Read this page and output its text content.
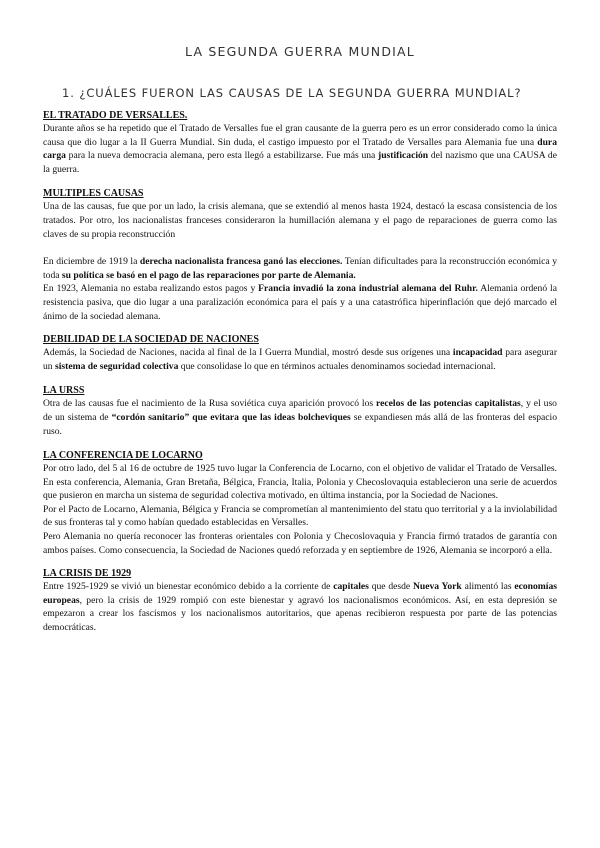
LA SEGUNDA GUERRA MUNDIAL
1. ¿CUÁLES FUERON LAS CAUSAS DE LA SEGUNDA GUERRA MUNDIAL?
EL TRATADO DE VERSALLES.

Durante años se ha repetido que el Tratado de Versalles fue el gran causante de la guerra pero es un error considerado como la única causa que dio lugar a la II Guerra Mundial. Sin duda, el castigo impuesto por el Tratado de Versalles para Alemania fue una dura carga para la nueva democracia alemana, pero esta llegó a estabilizarse. Fue más una justificación del nazismo que una CAUSA de la guerra.

MULTIPLES CAUSAS

Una de las causas, fue que por un lado, la crisis alemana, que se extendió al menos hasta 1924, destacó la escasa consistencia de los tratados. Por otro, los nacionalistas franceses consideraron la humillación alemana y el pago de reparaciones de guerra como las claves de su propia reconstrucción

En diciembre de 1919 la derecha nacionalista francesa ganó las elecciones. Tenían dificultades para la reconstrucción económica y toda su política se basó en el pago de las reparaciones por parte de Alemania.

En 1923, Alemania no estaba realizando estos pagos y Francia invadió la zona industrial alemana del Ruhr. Alemania ordenó la resistencia pasiva, que dio lugar a una paralización económica para el país y a una catastrófica hiperinflación que dejó marcado el ánimo de la sociedad alemana.

DEBILIDAD DE LA SOCIEDAD DE NACIONES

Además, la Sociedad de Naciones, nacida al final de la I Guerra Mundial, mostró desde sus orígenes una incapacidad para asegurar un sistema de seguridad colectiva que consolidase lo que en términos actuales denominamos sociedad internacional.

LA URSS

Otra de las causas fue el nacimiento de la Rusa soviética cuya aparición provocó los recelos de las potencias capitalistas, y el uso de un sistema de “cordón sanitario” que evitara que las ideas bolcheviques se expandiesen más allá de las fronteras del espacio ruso.

LA CONFERENCIA DE LOCARNO

Por otro lado, del 5 al 16 de octubre de 1925 tuvo lugar la Conferencia de Locarno, con el objetivo de validar el Tratado de Versalles. En esta conferencia, Alemania, Gran Bretaña, Bélgica, Francia, Italia, Polonia y Checoslovaquia establecieron una serie de acuerdos que pusieron en marcha un sistema de seguridad colectiva motivado, en última instancia, por la Sociedad de Naciones.

Por el Pacto de Locarno, Alemania, Bélgica y Francia se comprometían al mantenimiento del statu quo territorial y a la inviolabilidad de sus fronteras tal y como habían quedado establecidas en Versalles.

Pero Alemania no quería reconocer las fronteras orientales con Polonia y Checoslovaquia y Francia firmó tratados de garantía con ambos países. Como consecuencia, la Sociedad de Naciones quedó reforzada y en septiembre de 1926, Alemania se incorporó a ella.

LA CRISIS DE 1929

Entre 1925-1929 se vivió un bienestar económico debido a la corriente de capitales que desde Nueva York alimentó las economías europeas, pero la crisis de 1929 rompió con este bienestar y agravó los nacionalismos económicos. Así, en esta depresión se empezaron a crear los fascismos y los nacionalismos autoritarios, que apenas recibieron respuesta por parte de las potencias democráticas.
